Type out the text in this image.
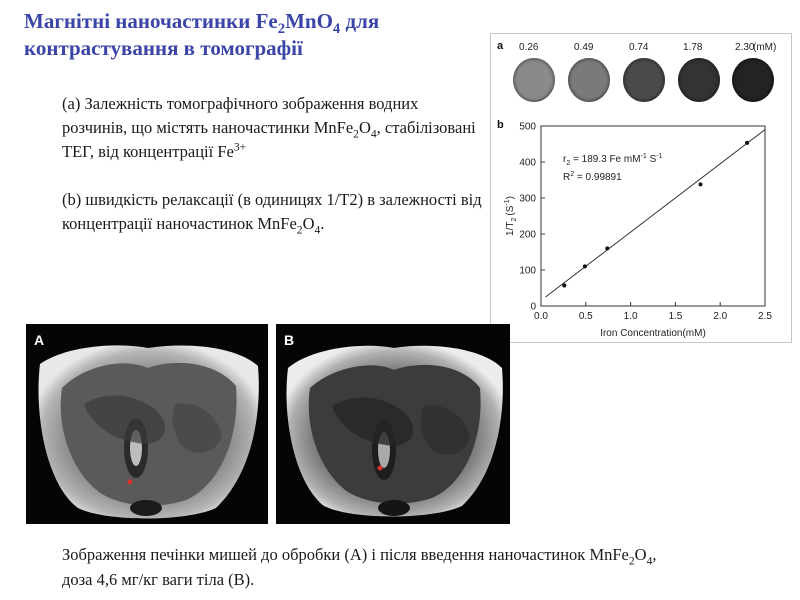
Магнітні наночастинки $Fe_2MnO_4$ для
контрастування в томографії

(a) Залежність томографічного зображення водних розчинів, що містять наночастинки $MnFe_2O_4$, стабілізовані ТЕГ, від концентрації $Fe^{3+}$

(b) швидкість релаксації (в одиницях 1/T2) в залежності від концентрації наночастинок $MnFe_2O_4$.

a 0.26	0.49	0.74	1.78	2.30
(mM)
b
0.0	0.5	1.0	1.5	2.0	2.5
0
100
200
300
400
500
Iron Concentration(mM)
$1/T_2(S^{-1})$
$r_2 = 189.3$ Fe $mM^{-1}$ $S^{-1}$
$R^2 = 0.99891$
A	B
Зображення печінки мишей до обробки (А) і після введення наночастинок $MnFe_2O_4$, доза 4,6 мг/кг ваги тіла (В).
